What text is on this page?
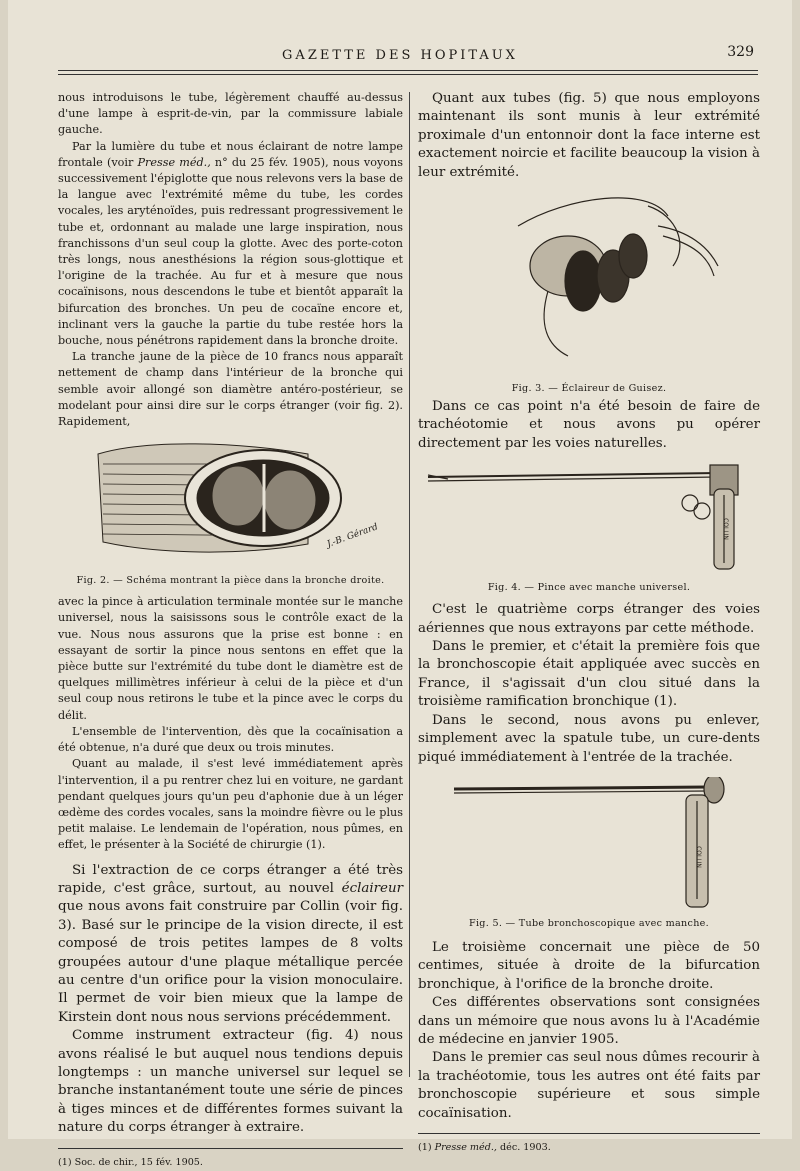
GAZETTE DES HOPITAUX	329

nous introduisons le tube, légèrement chauffé au-dessus d'une lampe à esprit-de-vin, par la commissure labiale gauche.

Par la lumière du tube et nous éclairant de notre lampe frontale (voir Presse méd., n° du 25 fév. 1905), nous voyons successivement l'épiglotte que nous relevons vers la base de la langue avec l'extrémité même du tube, les cordes vocales, les aryténoïdes, puis redressant progressivement le tube et, ordonnant au malade une large inspiration, nous franchissons d'un seul coup la glotte. Avec des porte-coton très longs, nous anesthésions la région sous-glottique et l'origine de la trachée. Au fur et à mesure que nous cocaïnisons, nous descendons le tube et bientôt apparaît la bifurcation des bronches. Un peu de cocaïne encore et, inclinant vers la gauche la partie du tube restée hors la bouche, nous pénétrons rapidement dans la bronche droite.

La tranche jaune de la pièce de 10 francs nous apparaît nettement de champ dans l'intérieur de la bronche qui semble avoir allongé son diamètre antéro-postérieur, se modelant pour ainsi dire sur le corps étranger (voir fig. 2). Rapidement,

J.-B. Gérard
Fig. 2. — Schéma montrant la pièce dans la bronche droite.

avec la pince à articulation terminale montée sur le manche universel, nous la saisissons sous le contrôle exact de la vue. Nous nous assurons que la prise est bonne : en essayant de sortir la pince nous sentons en effet que la pièce butte sur l'extrémité du tube dont le diamètre est de quelques millimètres inférieur à celui de la pièce et d'un seul coup nous retirons le tube et la pince avec le corps du délit.

L'ensemble de l'intervention, dès que la cocaïnisation a été obtenue, n'a duré que deux ou trois minutes.

Quant au malade, il s'est levé immédiatement après l'intervention, il a pu rentrer chez lui en voiture, ne gardant pendant quelques jours qu'un peu d'aphonie due à un léger œdème des cordes vocales, sans la moindre fièvre ou le plus petit malaise. Le lendemain de l'opération, nous pûmes, en effet, le présenter à la Société de chirurgie (1).

Si l'extraction de ce corps étranger a été très rapide, c'est grâce, surtout, au nouvel éclaireur que nous avons fait construire par Collin (voir fig. 3). Basé sur le principe de la vision directe, il est composé de trois petites lampes de 8 volts groupées autour d'une plaque métallique percée au centre d'un orifice pour la vision monoculaire. Il permet de voir bien mieux que la lampe de Kirstein dont nous nous servions précédemment.

Comme instrument extracteur (fig. 4) nous avons réalisé le but auquel nous tendions depuis longtemps : un manche universel sur lequel se branche instantanément toute une série de pinces à tiges minces et de différentes formes suivant la nature du corps étranger à extraire.

(1) Soc. de chir., 15 fév. 1905.

Quant aux tubes (fig. 5) que nous employons maintenant ils sont munis à leur extrémité proximale d'un entonnoir dont la face interne est exactement noircie et facilite beaucoup la vision à leur extrémité.

Fig. 3. — Éclaireur de Guisez.

Dans ce cas point n'a été besoin de faire de trachéotomie et nous avons pu opérer directement par les voies naturelles.

COLLIN
Fig. 4. — Pince avec manche universel.

C'est le quatrième corps étranger des voies aériennes que nous extrayons par cette méthode.

Dans le premier, et c'était la première fois que la bronchoscopie était appliquée avec succès en France, il s'agissait d'un clou situé dans la troisième ramification bronchique (1).

Dans le second, nous avons pu enlever, simplement avec la spatule tube, un cure-dents piqué immédiatement à l'entrée de la trachée.

COLLIN
Fig. 5. — Tube bronchoscopique avec manche.

Le troisième concernait une pièce de 50 centimes, située à droite de la bifurcation bronchique, à l'orifice de la bronche droite.

Ces différentes observations sont consignées dans un mémoire que nous avons lu à l'Académie de médecine en janvier 1905.

Dans le premier cas seul nous dûmes recourir à la trachéotomie, tous les autres ont été faits par bronchoscopie supérieure et sous simple cocaïnisation.

(1) Presse méd., déc. 1903.
